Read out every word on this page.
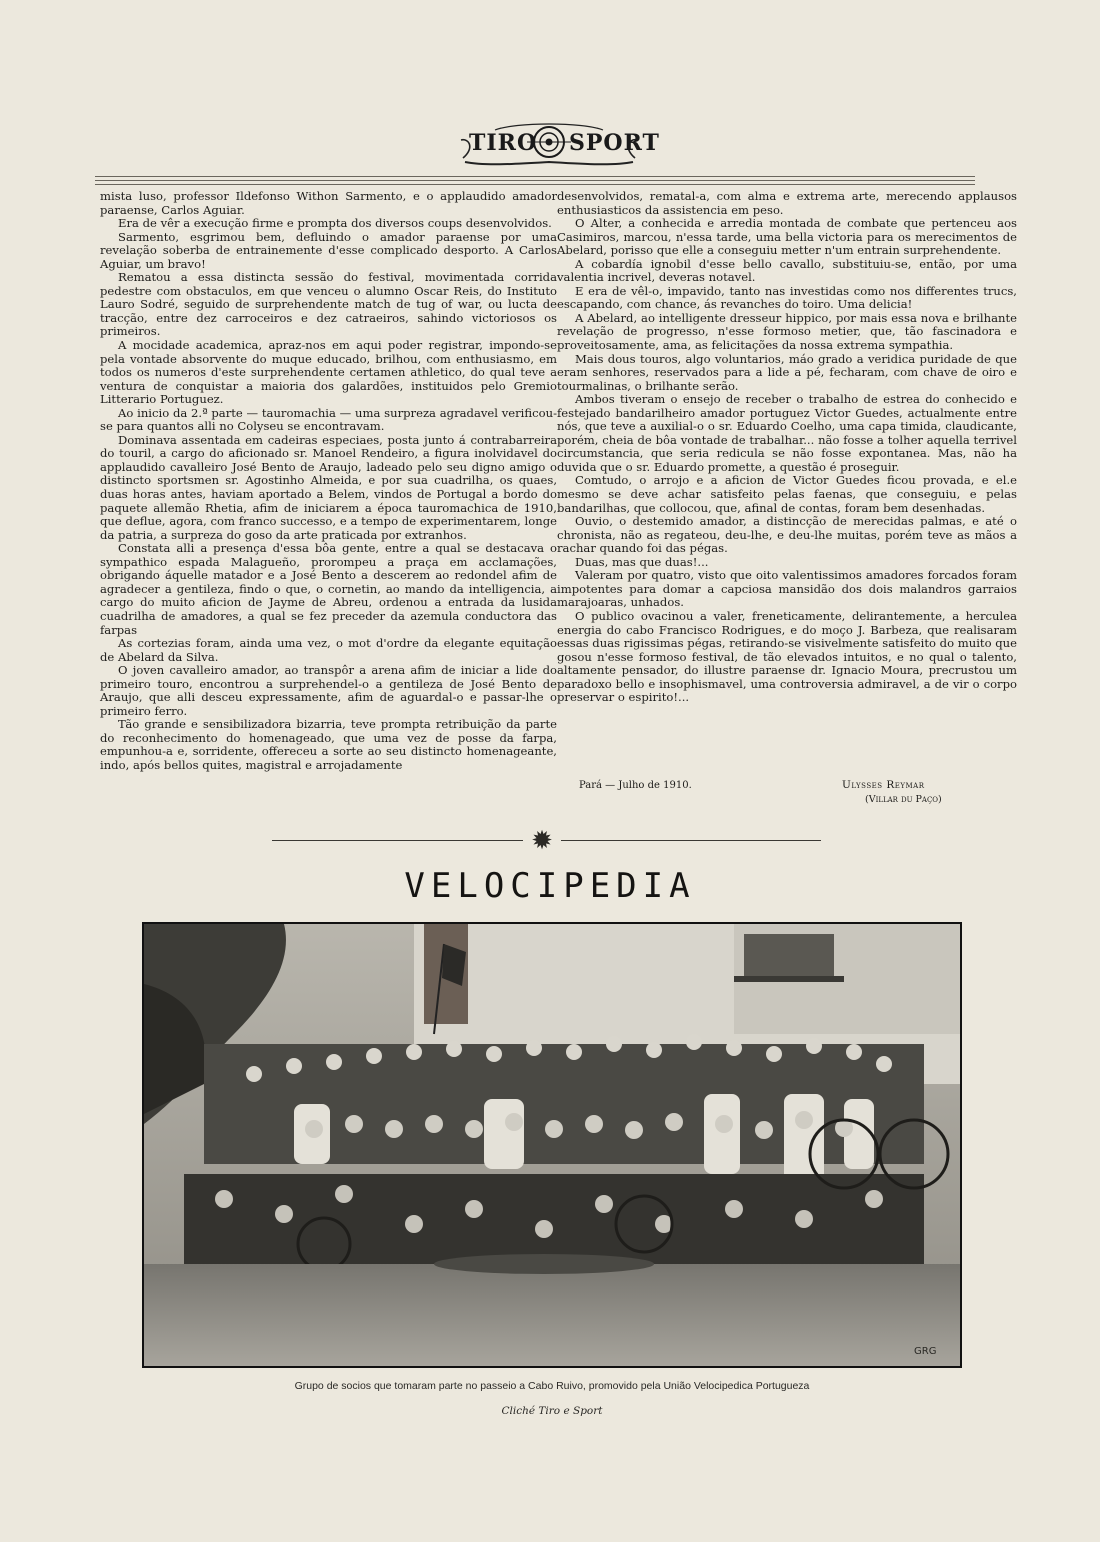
TIRO SPORT

mista luso, professor Ildefonso Withon Sarmento, e o applaudido amador paraense, Carlos Aguiar.

Era de vêr a execução firme e prompta dos diversos coups desenvolvidos.

Sarmento, esgrimou bem, defluindo o amador paraense por uma revelação soberba de entrainemente d'esse complicado desporto. A Carlos Aguiar, um bravo!

Rematou a essa distincta sessão do festival, movimentada corrida pedestre com obstaculos, em que venceu o alumno Oscar Reis, do Instituto Lauro Sodré, seguido de surprehendente match de tug of war, ou lucta de tracção, entre dez carroceiros e dez catraeiros, sahindo victoriosos os primeiros.

A mocidade academica, apraz-nos em aqui poder registrar, impondo-se pela vontade absorvente do muque educado, brilhou, com enthusiasmo, em todos os numeros d'este surprehendente certamen athletico, do qual teve a ventura de conquistar a maioria dos galardões, instituidos pelo Gremio Litterario Portuguez.

Ao inicio da 2.ª parte — tauromachia — uma surpreza agradavel verificou-se para quantos alli no Colyseu se encontravam.

Dominava assentada em cadeiras especiaes, posta junto á contrabarreira do touril, a cargo do aficionado sr. Manoel Rendeiro, a figura inolvidavel do applaudido cavalleiro José Bento de Araujo, ladeado pelo seu digno amigo o distincto sportsmen sr. Agostinho Almeida, e por sua cuadrilha, os quaes, duas horas antes, haviam aportado a Belem, vindos de Portugal a bordo do paquete allemão Rhetia, afim de iniciarem a época tauromachica de 1910, que deflue, agora, com franco successo, e a tempo de experimentarem, longe da patria, a surpreza do goso da arte praticada por extranhos.

Constata alli a presença d'essa bôa gente, entre a qual se destacava o sympathico espada Malagueño, prorompeu a praça em acclamações, obrigando áquelle matador e a José Bento a descerem ao redondel afim de agradecer a gentileza, findo o que, o cornetin, ao mando da intelligencia, a cargo do muito aficion de Jayme de Abreu, ordenou a entrada da lusida cuadrilha de amadores, a qual se fez preceder da azemula conductora das farpas

As cortezias foram, ainda uma vez, o mot d'ordre da elegante equitação de Abelard da Silva.

O joven cavalleiro amador, ao transpôr a arena afim de iniciar a lide do primeiro touro, encontrou a surprehendel-o a gentileza de José Bento de Araujo, que alli desceu expressamente, afim de aguardal-o e passar-lhe o primeiro ferro.

Tão grande e sensibilizadora bizarria, teve prompta retribuição da parte do reconhecimento do homenageado, que uma vez de posse da farpa, empunhou-a e, sorridente, offereceu a sorte ao seu distincto homenageante, indo, após bellos quites, magistral e arrojadamente

desenvolvidos, rematal-a, com alma e extrema arte, merecendo applausos enthusiasticos da assistencia em peso.

O Alter, a conhecida e arredia montada de combate que pertenceu aos Casimiros, marcou, n'essa tarde, uma bella victoria para os merecimentos de Abelard, porisso que elle a conseguiu metter n'um entrain surprehendente.

A cobardía ignobil d'esse bello cavallo, substituiu-se, então, por uma valentia incrivel, deveras notavel.

E era de vêl-o, impavido, tanto nas investidas como nos differentes trucs, escapando, com chance, ás revanches do toiro. Uma delicia!

A Abelard, ao intelligente dresseur hippico, por mais essa nova e brilhante revelação de progresso, n'esse formoso metier, que, tão fascinadora e proveitosamente, ama, as felicitações da nossa extrema sympathia.

Mais dous touros, algo voluntarios, máo grado a veridica puridade de que eram senhores, reservados para a lide a pé, fecharam, com chave de oiro e tourmalinas, o brilhante serão.

Ambos tiveram o ensejo de receber o trabalho de estrea do conhecido e festejado bandarilheiro amador portuguez Victor Guedes, actualmente entre nós, que teve a auxilial-o o sr. Eduardo Coelho, uma capa timida, claudicante, porém, cheia de bôa vontade de trabalhar... não fosse a tolher aquella terrivel circumstancia, que seria redicula se não fosse expontanea. Mas, não ha duvida que o sr. Eduardo promette, a questão é proseguir.

Comtudo, o arrojo e a aficion de Victor Guedes ficou provada, e el.e mesmo se deve achar satisfeito pelas faenas, que conseguiu, e pelas bandarilhas, que collocou, que, afinal de contas, foram bem desenhadas.

Ouvio, o destemido amador, a distincção de merecidas palmas, e até o chronista, não as regateou, deu-lhe, e deu-lhe muitas, porém teve as mãos a rachar quando foi das pégas.

Duas, mas que duas!...

Valeram por quatro, visto que oito valentissimos amadores forcados foram impotentes para domar a capciosa mansidão dos dois malandros garraios marajoaras, unhados.

O publico ovacinou a valer, freneticamente, delirantemente, a herculea energia do cabo Francisco Rodrigues, e do moço J. Barbeza, que realisaram essas duas rigissimas pégas, retirando-se visivelmente satisfeito do muito que gosou n'esse formoso festival, de tão elevados intuitos, e no qual o talento, altamente pensador, do illustre paraense dr. Ignacio Moura, precrustou um paradoxo bello e insophismavel, uma controversia admiravel, a de vir o corpo preservar o espirito!...

Pará — Julho de 1910.	Ulysses Reymar
(Villar du Paço)
✹
VELOCIPEDIA
GRG
Grupo de socios que tomaram parte no passeio a Cabo Ruivo, promovido pela União Velocipedica Portugueza
Cliché Tiro e Sport
